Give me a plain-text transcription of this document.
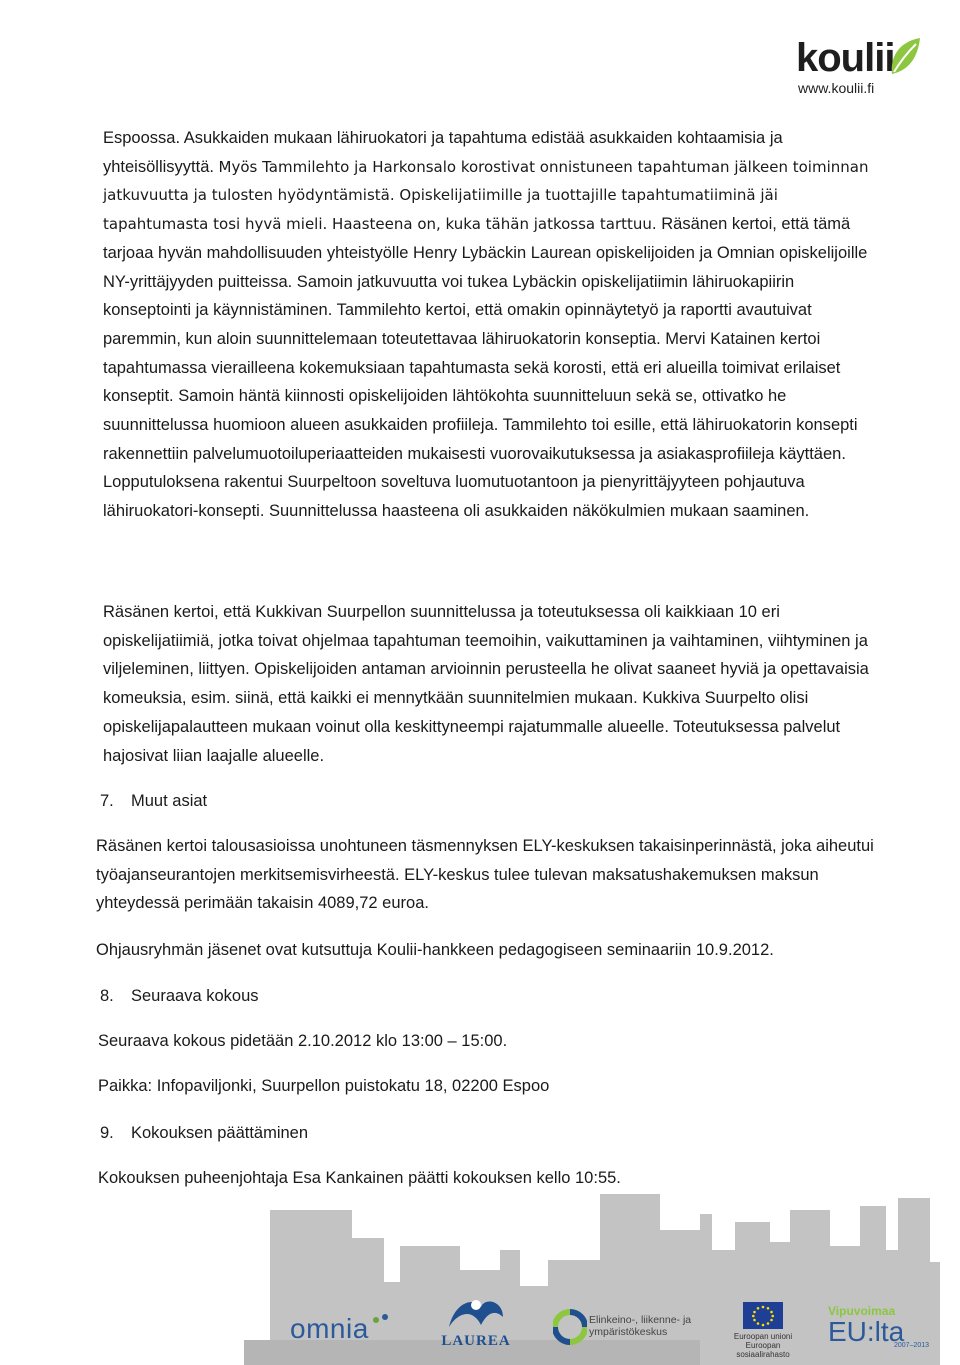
koulii
www.koulii.fi
Espoossa. Asukkaiden mukaan lähiruokatori ja tapahtuma edistää asukkaiden kohtaamisia ja yhteisöllisyyttä. Myös Tammilehto ja Harkonsalo korostivat onnistuneen tapahtuman jälkeen toiminnan jatkuvuutta ja tulosten hyödyntämistä. Opiskelijatiimille ja tuottajille tapahtumatiiminä jäi tapahtumasta tosi hyvä mieli. Haasteena on, kuka tähän jatkossa tarttuu. Räsänen kertoi, että tämä tarjoaa hyvän mahdollisuuden yhteistyölle Henry Lybäckin Laurean opiskelijoiden ja Omnian opiskelijoille NY-yrittäjyyden puitteissa. Samoin jatkuvuutta voi tukea Lybäckin opiskelijatiimin lähiruokapiirin konseptointi ja käynnistäminen. Tammilehto kertoi, että omakin opinnäytetyö ja raportti avautuivat paremmin, kun aloin suunnittelemaan toteutettavaa lähiruokatorin konseptia. Mervi Katainen kertoi tapahtumassa vierailleena kokemuksiaan tapahtumasta sekä korosti, että eri alueilla toimivat erilaiset konseptit. Samoin häntä kiinnosti opiskelijoiden lähtökohta suunnitteluun sekä se, ottivatko he suunnittelussa huomioon alueen asukkaiden profiileja. Tammilehto toi esille, että lähiruokatorin konsepti rakennettiin palvelumuotoiluperiaatteiden mukaisesti vuorovaikutuksessa ja asiakasprofiileja käyttäen. Lopputuloksena rakentui Suurpeltoon soveltuva luomutuotantoon ja pienyrittäjyyteen pohjautuva lähiruokatori-konsepti. Suunnittelussa haasteena oli asukkaiden näkökulmien mukaan saaminen.
Räsänen kertoi, että Kukkivan Suurpellon suunnittelussa ja toteutuksessa oli kaikkiaan 10 eri opiskelijatiimiä, jotka toivat ohjelmaa tapahtuman teemoihin, vaikuttaminen ja vaihtaminen, viihtyminen ja viljeleminen, liittyen. Opiskelijoiden antaman arvioinnin perusteella he olivat saaneet hyviä ja opettavaisia komeuksia, esim. siinä, että kaikki ei mennytkään suunnitelmien mukaan. Kukkiva Suurpelto olisi opiskelijapalautteen mukaan voinut olla keskittyneempi rajatummalle alueelle. Toteutuksessa palvelut hajosivat liian laajalle alueelle.
7. Muut asiat
Räsänen kertoi talousasioissa unohtuneen täsmennyksen ELY-keskuksen takaisinperinnästä, joka aiheutui työajanseurantojen merkitsemisvirheestä. ELY-keskus tulee tulevan maksatushakemuksen maksun yhteydessä perimään takaisin 4089,72 euroa.
Ohjausryhmän jäsenet ovat kutsuttuja Koulii-hankkeen pedagogiseen seminaariin 10.9.2012.
8. Seuraava kokous
Seuraava kokous pidetään 2.10.2012 klo 13:00 – 15:00.
Paikka: Infopaviljonki, Suurpellon puistokatu 18, 02200 Espoo
9. Kokouksen päättäminen
Kokouksen puheenjohtaja Esa Kankainen päätti kokouksen kello 10:55.
omnia	LAUREA
Elinkeino-, liikenne- ja
ympäristökeskus	Euroopan unioni
Euroopan sosiaalirahasto
Vipuvoimaa
EU:lta
2007–2013
